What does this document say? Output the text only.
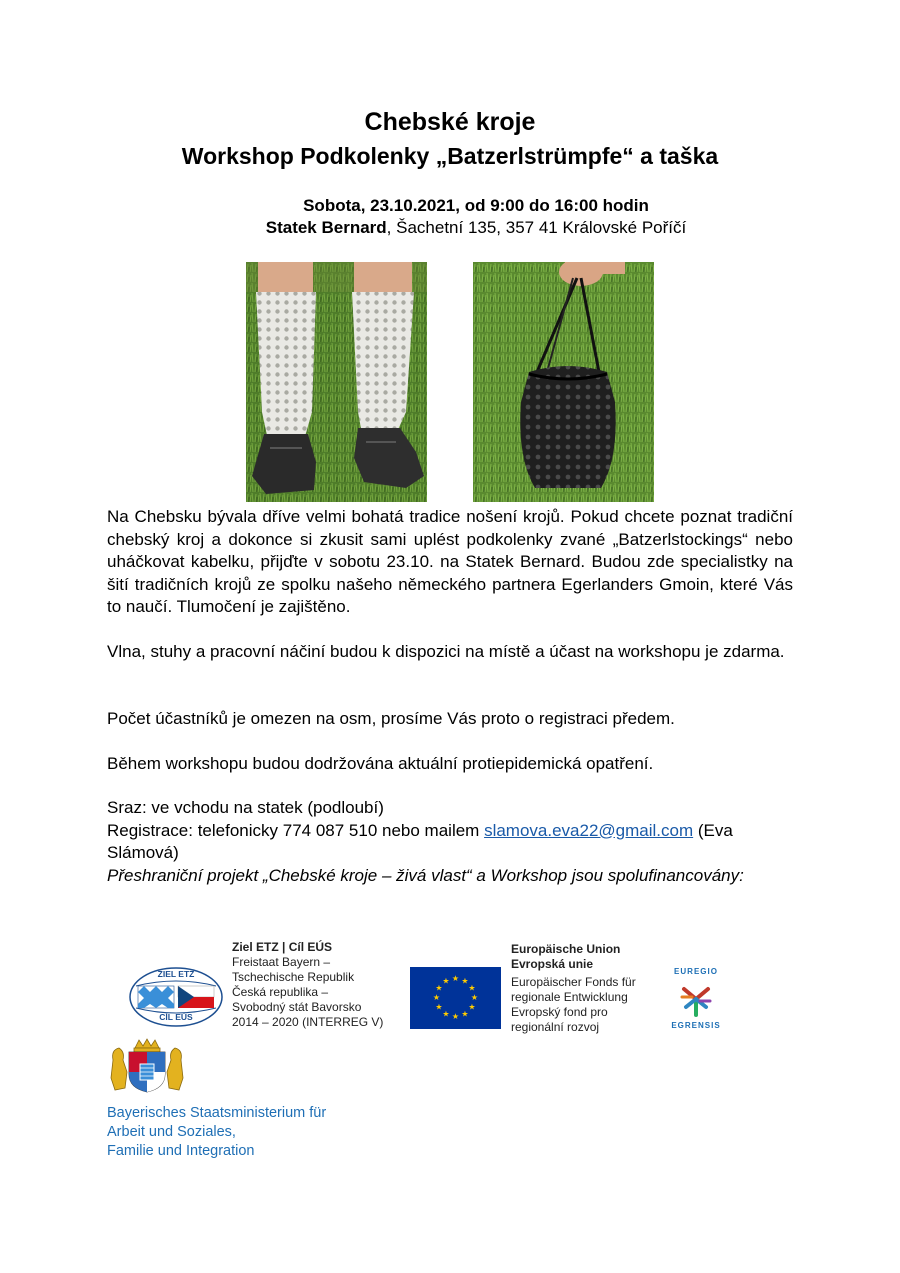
Chebské kroje
Workshop Podkolenky „Batzerlstrümpfe“ a taška
Sobota, 23.10.2021, od 9:00 do 16:00 hodin
Statek Bernard, Šachetní 135, 357 41 Královské Poříčí
Na Chebsku bývala dříve velmi bohatá tradice nošení krojů. Pokud chcete poznat tradiční chebský kroj a dokonce si zkusit sami uplést podkolenky zvané „Batzerlstockings“ nebo uháčkovat kabelku, přijďte v sobotu 23.10. na Statek Bernard. Budou zde specialistky na šití tradičních krojů ze spolku našeho německého partnera Egerlanders Gmoin, které Vás to naučí. Tlumočení je zajištěno.
Vlna, stuhy a pracovní náčiní budou k dispozici na místě a účast na workshopu je zdarma.
Počet účastníků je omezen na osm, prosíme Vás proto o registraci předem.
Během workshopu budou dodržována aktuální protiepidemická opatření.
Sraz: ve vchodu na statek (podloubí)
Registrace: telefonicky 774 087 510 nebo mailem slamova.eva22@gmail.com (Eva Slámová)
Přeshraniční projekt „Chebské kroje – živá vlast“ a Workshop jsou spolufinancovány:
ZIEL ETZ
CÍL EÚS
Ziel ETZ | Cíl EÚS
Freistaat Bayern –
Tschechische Republik
Česká republika –
Svobodný stát Bavorsko
2014 – 2020 (INTERREG V)
★ ★
★
★
★
★
★
★
★
★
★
★
Europäische Union
Evropská unie
Europäischer Fonds für
regionale Entwicklung
Evropský fond pro
regionální rozvoj
EUREGIO
EGRENSIS
Bayerisches Staatsministerium für
Arbeit und Soziales,
Familie und Integration
